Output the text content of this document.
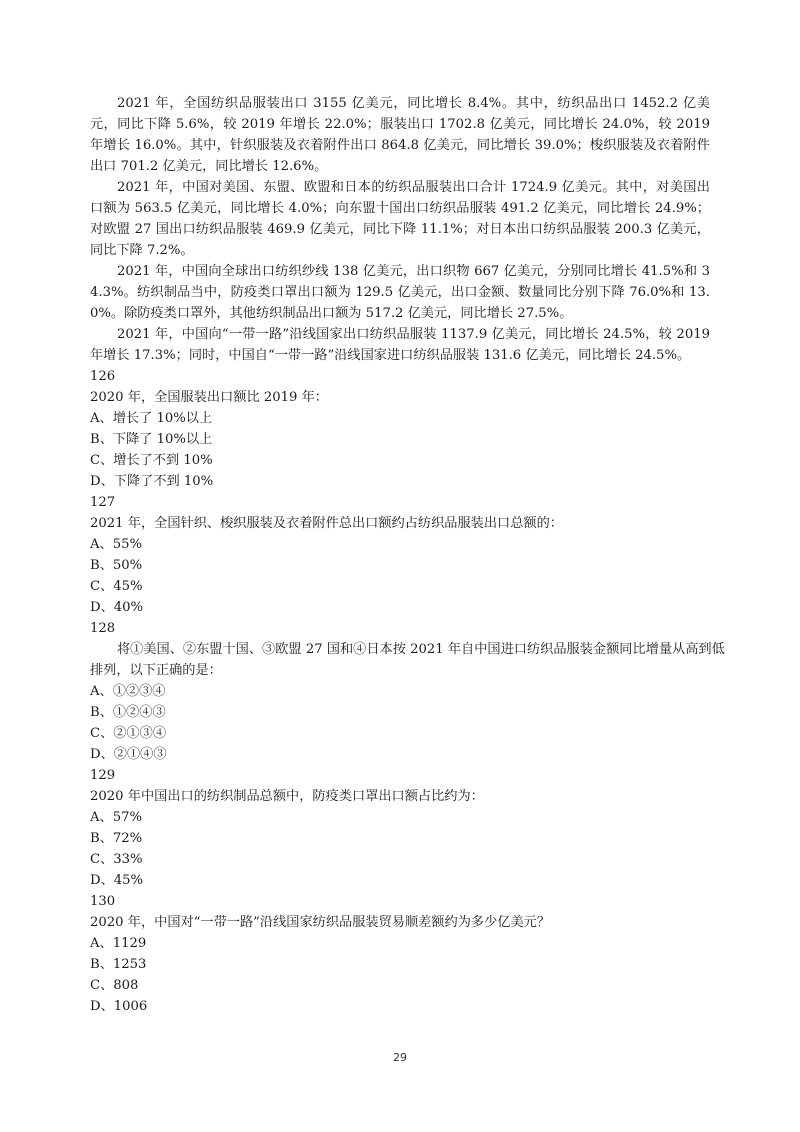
2021 年，全国纺织品服装出口 3155 亿美元，同比增长 8.4%。其中，纺织品出口 1452.2 亿美元，同比下降 5.6%，较 2019 年增长 22.0%；服装出口 1702.8 亿美元，同比增长 24.0%，较 2019 年增长 16.0%。其中，针织服装及衣着附件出口 864.8 亿美元，同比增长 39.0%；梭织服装及衣着附件出口 701.2 亿美元，同比增长 12.6%。

2021 年，中国对美国、东盟、欧盟和日本的纺织品服装出口合计 1724.9 亿美元。其中，对美国出口额为 563.5 亿美元，同比增长 4.0%；向东盟十国出口纺织品服装 491.2 亿美元，同比增长 24.9%；对欧盟 27 国出口纺织品服装 469.9 亿美元，同比下降 11.1%；对日本出口纺织品服装 200.3 亿美元，同比下降 7.2%。

2021 年，中国向全球出口纺织纱线 138 亿美元，出口织物 667 亿美元，分别同比增长 41.5%和 34.3%。纺织制品当中，防疫类口罩出口额为 129.5 亿美元，出口金额、数量同比分别下降 76.0%和 13.0%。除防疫类口罩外，其他纺织制品出口额为 517.2 亿美元，同比增长 27.5%。

2021 年，中国向“一带一路”沿线国家出口纺织品服装 1137.9 亿美元，同比增长 24.5%，较 2019 年增长 17.3%；同时，中国自“一带一路”沿线国家进口纺织品服装 131.6 亿美元，同比增长 24.5%。

126

2020 年，全国服装出口额比 2019 年：

A、增长了 10%以上

B、下降了 10%以上

C、增长了不到 10%

D、下降了不到 10%

127

2021 年，全国针织、梭织服装及衣着附件总出口额约占纺织品服装出口总额的：

A、55%

B、50%

C、45%

D、40%

128

将①美国、②东盟十国、③欧盟 27 国和④日本按 2021 年自中国进口纺织品服装金额同比增量从高到低排列，以下正确的是：

A、①②③④

B、①②④③

C、②①③④

D、②①④③

129

2020 年中国出口的纺织制品总额中，防疫类口罩出口额占比约为：

A、57%

B、72%

C、33%

D、45%

130

2020 年，中国对“一带一路”沿线国家纺织品服装贸易顺差额约为多少亿美元？

A、1129

B、1253

C、808

D、1006

29
